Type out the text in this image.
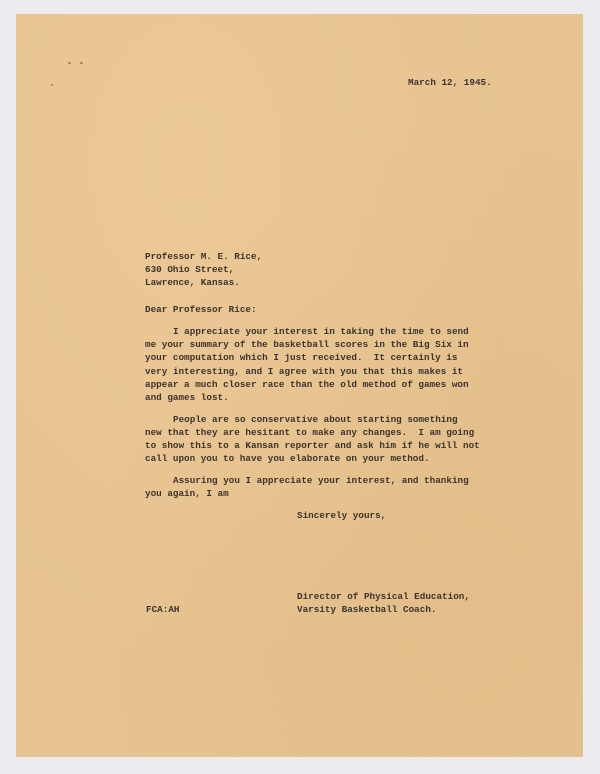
March 12, 1945.
Professor M. E. Rice,
630 Ohio Street,
Lawrence, Kansas.
Dear Professor Rice:
I appreciate your interest in taking the time to send
me your summary of the basketball scores in the Big Six in
your computation which I just received.  It certainly is
very interesting, and I agree with you that this makes it
appear a much closer race than the old method of games won
and games lost.
People are so conservative about starting something
new that they are hesitant to make any changes.  I am going
to show this to a Kansan reporter and ask him if he will not
call upon you to have you elaborate on your method.
Assuring you I appreciate your interest, and thanking
you again, I am
Sincerely yours,
Director of Physical Education,
Varsity Basketball Coach.
FCA:AH
